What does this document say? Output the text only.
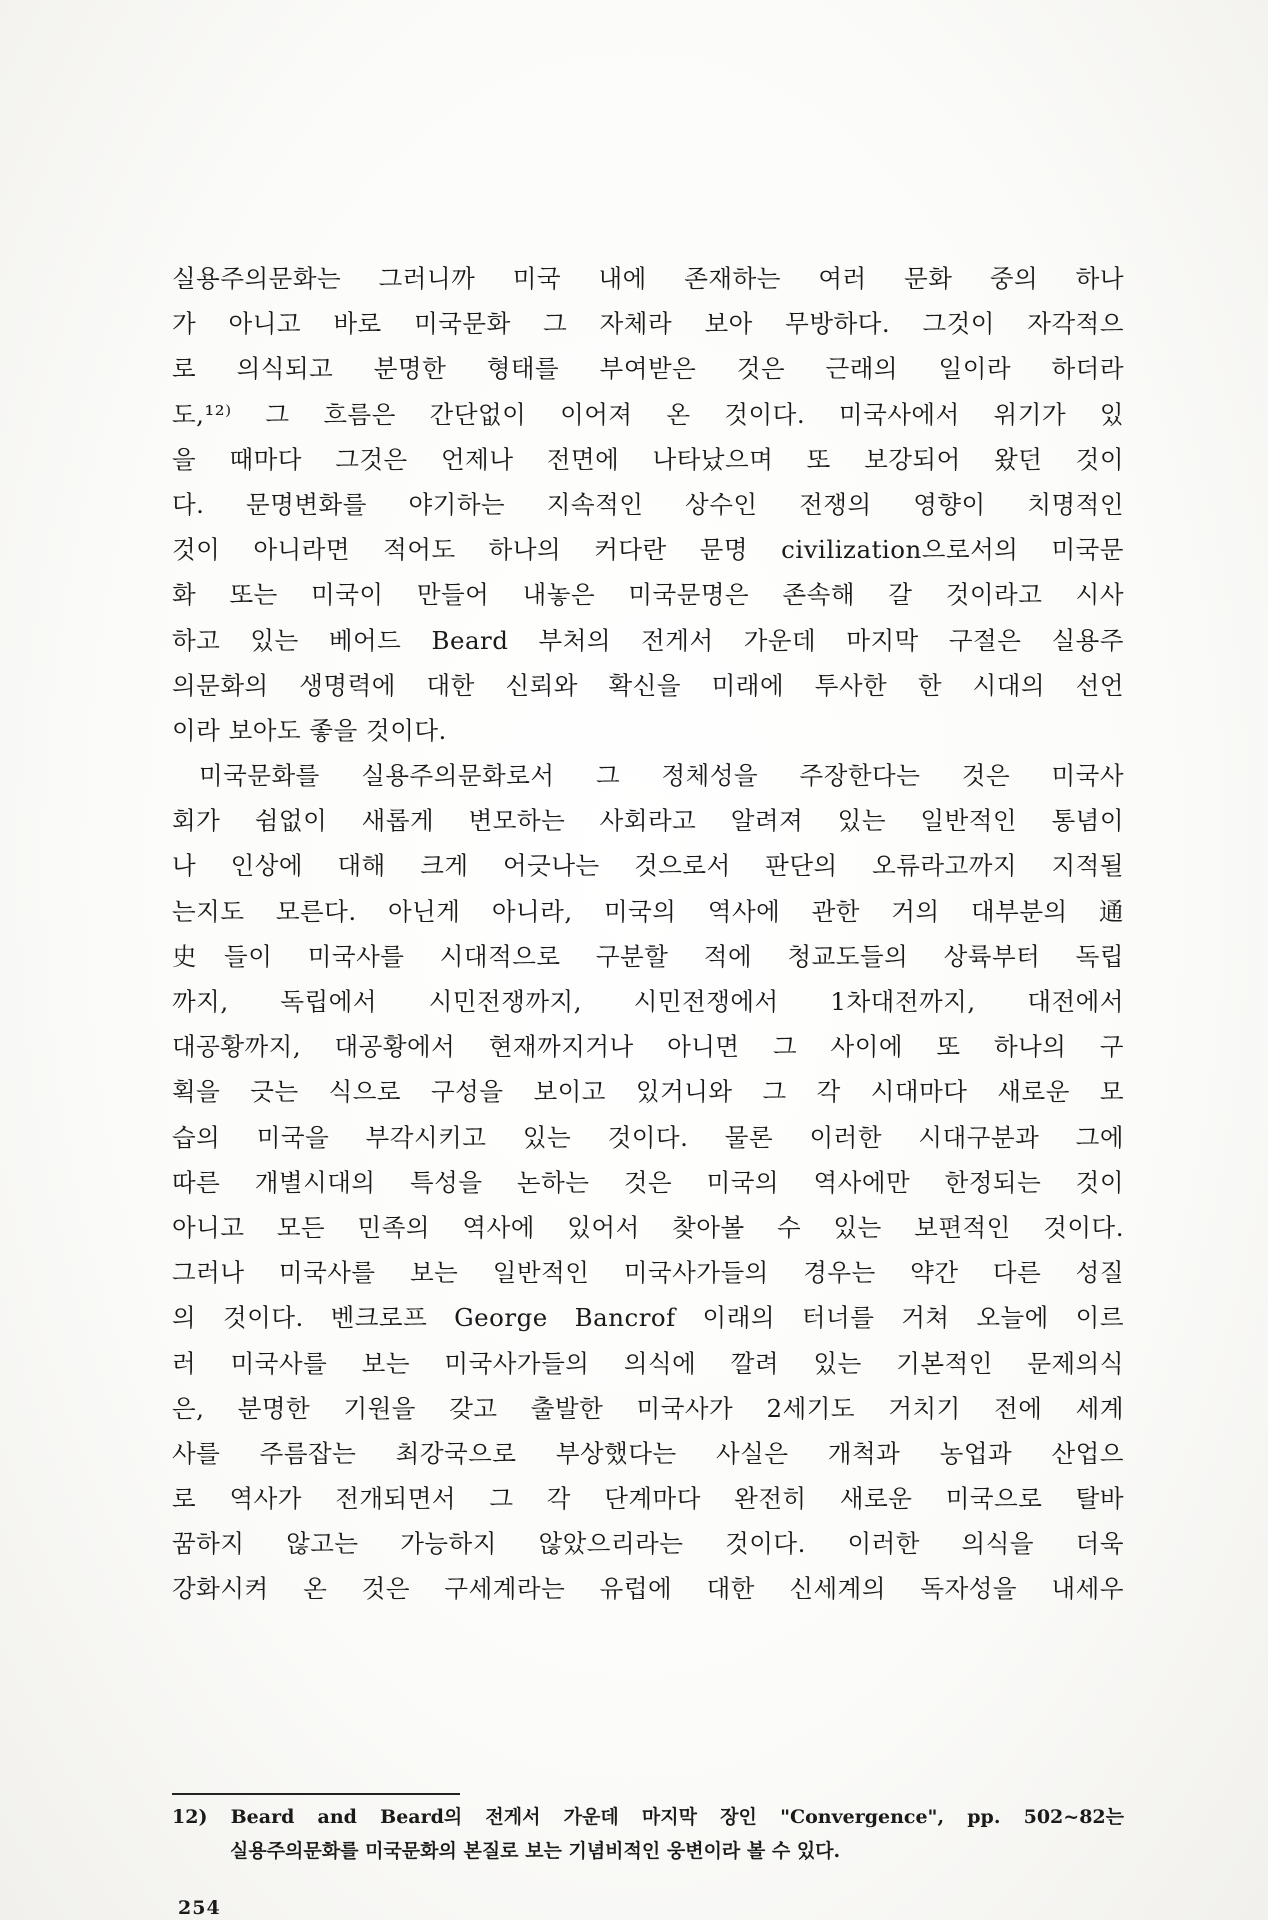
실용주의문화는 그러니까 미국 내에 존재하는 여러 문화 중의 하나
가 아니고 바로 미국문화 그 자체라 보아 무방하다. 그것이 자각적으
로 의식되고 분명한 형태를 부여받은 것은 근래의 일이라 하더라
도,¹²⁾ 그 흐름은 간단없이 이어져 온 것이다. 미국사에서 위기가 있
을 때마다 그것은 언제나 전면에 나타났으며 또 보강되어 왔던 것이
다. 문명변화를 야기하는 지속적인 상수인 전쟁의 영향이 치명적인
것이 아니라면 적어도 하나의 커다란 문명 civilization으로서의 미국문
화 또는 미국이 만들어 내놓은 미국문명은 존속해 갈 것이라고 시사
하고 있는 베어드 Beard 부처의 전게서 가운데 마지막 구절은 실용주
의문화의 생명력에 대한 신뢰와 확신을 미래에 투사한 한 시대의 선언
이라 보아도 좋을 것이다.
미국문화를 실용주의문화로서 그 정체성을 주장한다는 것은 미국사
회가 쉼없이 새롭게 변모하는 사회라고 알려져 있는 일반적인 통념이
나 인상에 대해 크게 어긋나는 것으로서 판단의 오류라고까지 지적될
는지도 모른다. 아닌게 아니라, 미국의 역사에 관한 거의 대부분의 通
史들이 미국사를 시대적으로 구분할 적에 청교도들의 상륙부터 독립
까지, 독립에서 시민전쟁까지, 시민전쟁에서 1차대전까지, 대전에서
대공황까지, 대공황에서 현재까지거나 아니면 그 사이에 또 하나의 구
획을 긋는 식으로 구성을 보이고 있거니와 그 각 시대마다 새로운 모
습의 미국을 부각시키고 있는 것이다. 물론 이러한 시대구분과 그에
따른 개별시대의 특성을 논하는 것은 미국의 역사에만 한정되는 것이
아니고 모든 민족의 역사에 있어서 찾아볼 수 있는 보편적인 것이다.
그러나 미국사를 보는 일반적인 미국사가들의 경우는 약간 다른 성질
의 것이다. 벤크로프 George Bancrof 이래의 터너를 거쳐 오늘에 이르
러 미국사를 보는 미국사가들의 의식에 깔려 있는 기본적인 문제의식
은, 분명한 기원을 갖고 출발한 미국사가 2세기도 거치기 전에 세계
사를 주름잡는 최강국으로 부상했다는 사실은 개척과 농업과 산업으
로 역사가 전개되면서 그 각 단계마다 완전히 새로운 미국으로 탈바
꿈하지 않고는 가능하지 않았으리라는 것이다. 이러한 의식을 더욱
강화시켜 온 것은 구세계라는 유럽에 대한 신세계의 독자성을 내세우
12) Beard and Beard의 전게서 가운데 마지막 장인 "Convergence", pp. 502~82는
실용주의문화를 미국문화의 본질로 보는 기념비적인 웅변이라 볼 수 있다.
254
